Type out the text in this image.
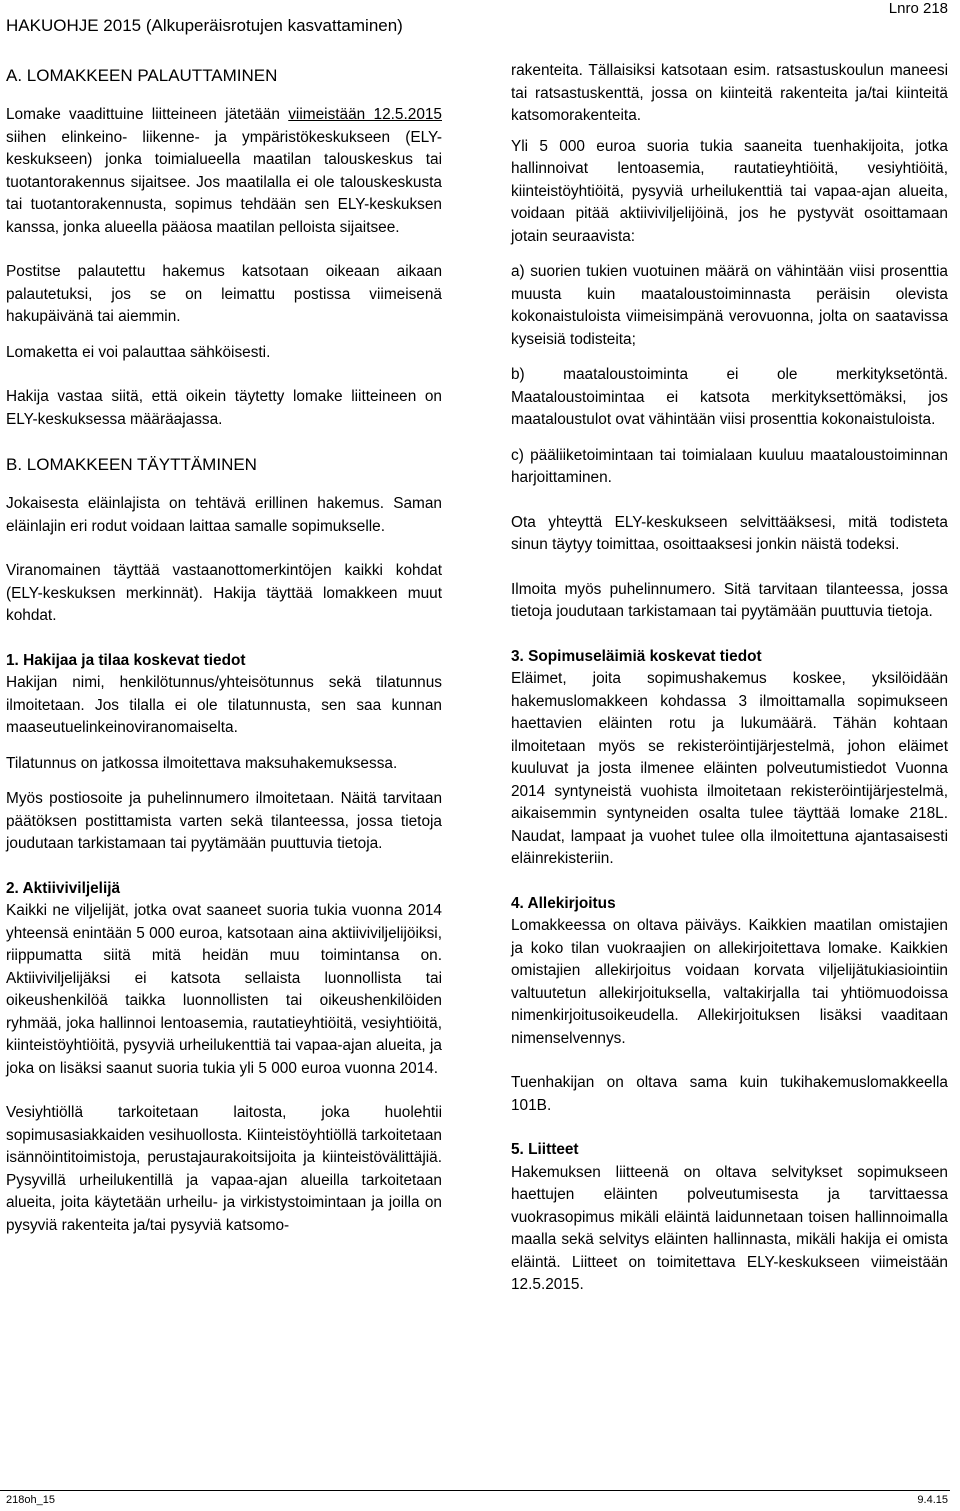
Lnro 218
HAKUOHJE 2015 (Alkuperäisrotujen kasvattaminen)

A. LOMAKKEEN PALAUTTAMINEN

Lomake vaadittuine liitteineen jätetään viimeistään 12.5.2015 siihen elinkeino- liikenne- ja ympäristökeskukseen (ELY-keskukseen) jonka toimialueella maatilan talouskeskus tai tuotantorakennus sijaitsee. Jos maatilalla ei ole talouskeskusta tai tuotantorakennusta, sopimus tehdään sen ELY-keskuksen kanssa, jonka alueella pääosa maatilan pelloista sijaitsee.

Postitse palautettu hakemus katsotaan oikeaan aikaan palautetuksi, jos se on leimattu postissa viimeisenä hakupäivänä tai aiemmin.

Lomaketta ei voi palauttaa sähköisesti.

Hakija vastaa siitä, että oikein täytetty lomake liitteineen on ELY-keskuksessa määräajassa.

B. LOMAKKEEN TÄYTTÄMINEN

Jokaisesta eläinlajista on tehtävä erillinen hakemus. Saman eläinlajin eri rodut voidaan laittaa samalle sopimukselle.

Viranomainen täyttää vastaanottomerkintöjen kaikki kohdat (ELY-keskuksen merkinnät). Hakija täyttää lomakkeen muut kohdat.

1. Hakijaa ja tilaa koskevat tiedot

Hakijan nimi, henkilötunnus/yhteisötunnus sekä tilatunnus ilmoitetaan. Jos tilalla ei ole tilatunnusta, sen saa kunnan maaseutuelinkeinoviranomaiselta.

Tilatunnus on jatkossa ilmoitettava maksuhakemuksessa.

Myös postiosoite ja puhelinnumero ilmoitetaan. Näitä tarvitaan päätöksen postittamista varten sekä tilanteessa, jossa tietoja joudutaan tarkistamaan tai pyytämään puuttuvia tietoja.

2. Aktiiviviljelijä

Kaikki ne viljelijät, jotka ovat saaneet suoria tukia vuonna 2014 yhteensä enintään 5 000 euroa, katsotaan aina aktiiviviljelijöiksi, riippumatta siitä mitä heidän muu toimintansa on. Aktiiviviljelijäksi ei katsota sellaista luonnollista tai oikeushenkilöä taikka luonnollisten tai oikeushenkilöiden ryhmää, joka hallinnoi lentoasemia, rautatieyhtiöitä, vesiyhtiöitä, kiinteistöyhtiöitä, pysyviä urheilukenttiä tai vapaa-ajan alueita, ja joka on lisäksi saanut suoria tukia yli 5 000 euroa vuonna 2014.

Vesiyhtiöllä tarkoitetaan laitosta, joka huolehtii sopimusasiakkaiden vesihuollosta. Kiinteistöyhtiöllä tarkoitetaan isännöintitoimistoja, perustajaurakoitsijoita ja kiinteistövälittäjiä. Pysyvillä urheilukentillä ja vapaa-ajan alueilla tarkoitetaan alueita, joita käytetään urheilu- ja virkistystoimintaan ja joilla on pysyviä rakenteita ja/tai pysyviä katsomo-

rakenteita. Tällaisiksi katsotaan esim. ratsastuskoulun maneesi tai ratsastuskenttä, jossa on kiinteitä rakenteita ja/tai kiinteitä katsomorakenteita.

Yli 5 000 euroa suoria tukia saaneita tuenhakijoita, jotka hallinnoivat lentoasemia, rautatieyhtiöitä, vesiyhtiöitä, kiinteistöyhtiöitä, pysyviä urheilukenttiä tai vapaa-ajan alueita, voidaan pitää aktiiviviljelijöinä, jos he pystyvät osoittamaan jotain seuraavista:

a) suorien tukien vuotuinen määrä on vähintään viisi prosenttia muusta kuin maataloustoiminnasta peräisin olevista kokonaistuloista viimeisimpänä verovuonna, jolta on saatavissa kyseisiä todisteita;

b) maataloustoiminta ei ole merkityksetöntä. Maataloustoimintaa ei katsota merkityksettömäksi, jos maataloustulot ovat vähintään viisi prosenttia kokonaistuloista.

c) pääliiketoimintaan tai toimialaan kuuluu maataloustoiminnan harjoittaminen.

Ota yhteyttä ELY-keskukseen selvittääksesi, mitä todisteta sinun täytyy toimittaa, osoittaaksesi jonkin näistä todeksi.

Ilmoita myös puhelinnumero. Sitä tarvitaan tilanteessa, jossa tietoja joudutaan tarkistamaan tai pyytämään puuttuvia tietoja.

3. Sopimuseläimiä koskevat tiedot

Eläimet, joita sopimushakemus koskee, yksilöidään hakemuslomakkeen kohdassa 3 ilmoittamalla sopimukseen haettavien eläinten rotu ja lukumäärä. Tähän kohtaan ilmoitetaan myös se rekisteröintijärjestelmä, johon eläimet kuuluvat ja josta ilmenee eläinten polveutumistiedot Vuonna 2014 syntyneistä vuohista ilmoitetaan rekisteröintijärjestelmä, aikaisemmin syntyneiden osalta tulee täyttää lomake 218L. Naudat, lampaat ja vuohet tulee olla ilmoitettuna ajantasaisesti eläinrekisteriin.

4. Allekirjoitus

Lomakkeessa on oltava päiväys. Kaikkien maatilan omistajien ja koko tilan vuokraajien on allekirjoitettava lomake. Kaikkien omistajien allekirjoitus voidaan korvata viljelijätukiasiointiin valtuutetun allekirjoituksella, valtakirjalla tai yhtiömuodoissa nimenkirjoitusoikeudella. Allekirjoituksen lisäksi vaaditaan nimenselvennys.

Tuenhakijan on oltava sama kuin tukihakemuslomakkeella 101B.

5. Liitteet

Hakemuksen liitteenä on oltava selvitykset sopimukseen haettujen eläinten polveutumisesta ja tarvittaessa vuokrasopimus mikäli eläintä laidunnetaan toisen hallinnoimalla maalla sekä selvitys eläinten hallinnasta, mikäli hakija ei omista eläintä. Liitteet on toimitettava ELY-keskukseen viimeistään 12.5.2015.

218oh_15	9.4.15
